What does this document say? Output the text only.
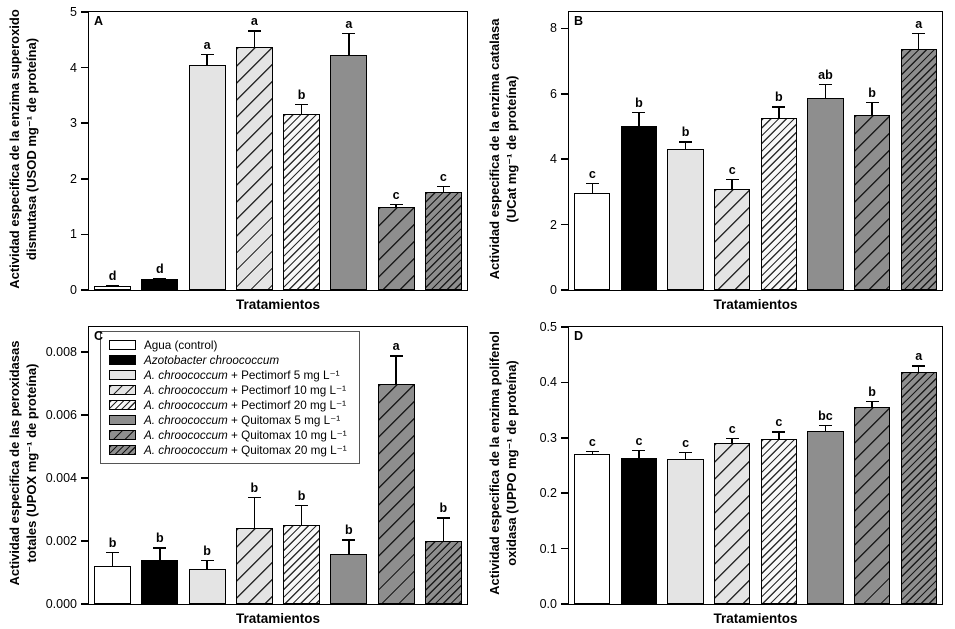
Actividad especifica de la enzima superoxido dismutasa (USOD mg⁻¹ de proteína)
A
0
1
2
3
4
5
d
d
a
a
b
a
c
c
Tratamientos
Actividad especifica de la enzima catalasa (UCat mg⁻¹ de proteína)
B
0
2
4
6
8
c
b
b
c
b
ab
b
a
Tratamientos
Actividad especifica de las peroxidasas totales (UPOX mg⁻¹ de proteína)
C
Agua (control)
Azotobacter chroococcum
A. chroococcum + Pectimorf 5 mg L⁻¹
A. chroococcum + Pectimorf 10 mg L⁻¹
A. chroococcum + Pectimorf 20 mg L⁻¹
A. chroococcum + Quitomax 5 mg L⁻¹
A. chroococcum + Quitomax 10 mg L⁻¹
A. chroococcum + Quitomax 20 mg L⁻¹
0.000
0.002
0.004
0.006
0.008
b	b
b
b
b
b
a
b
Tratamientos
Actividad especifica de la enzima polifenol oxidasa (UPPO mg⁻¹ de proteína)
D
0.0
0.1
0.2
0.3
0.4
0.5
c	c	c
c	c	bc
b
a
Tratamientos
